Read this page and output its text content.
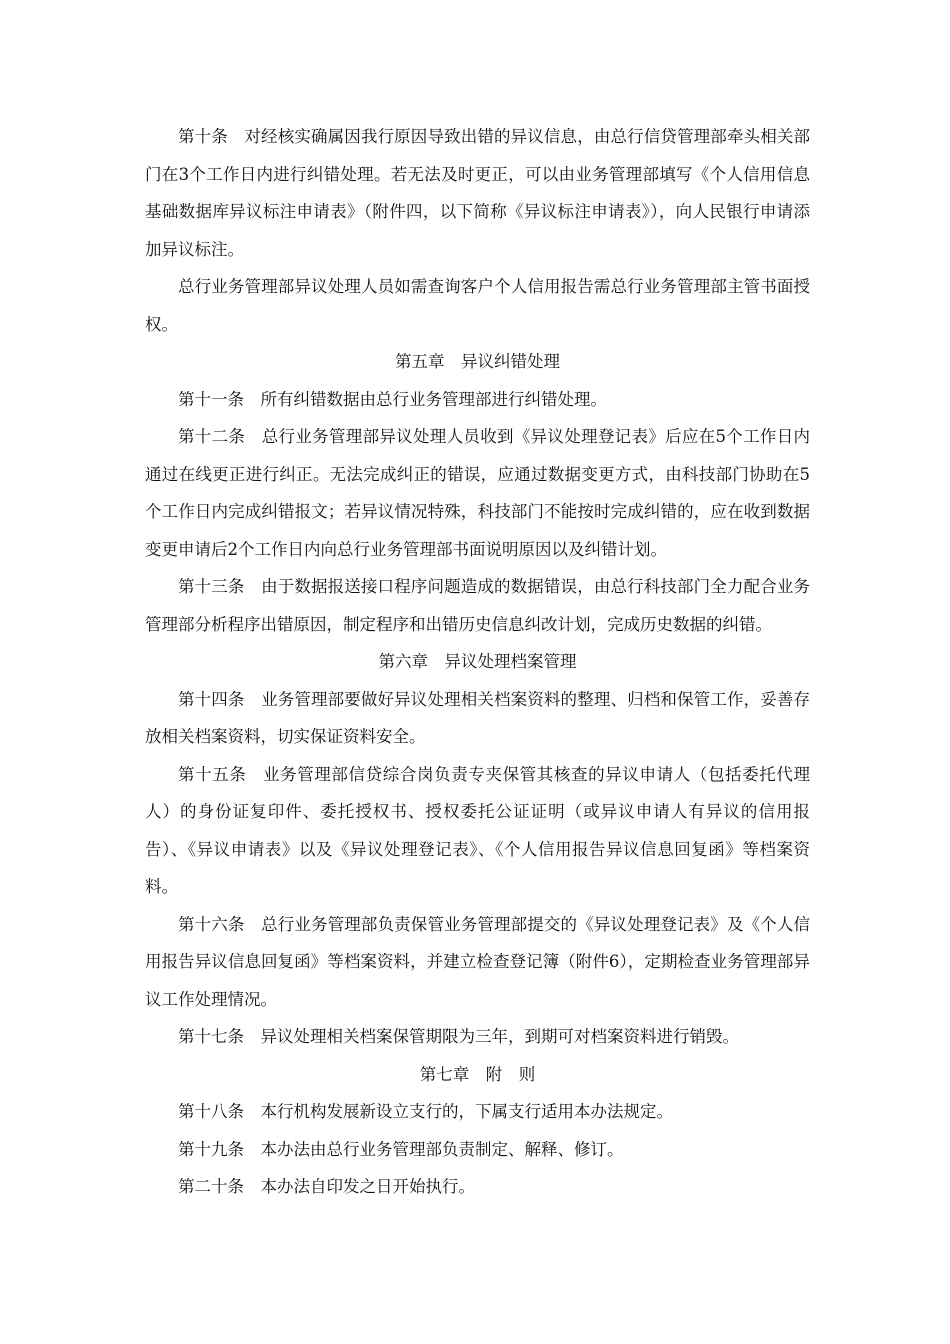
第十条 对经核实确属因我行原因导致出错的异议信息，由总行信贷管理部牵头相关部门在3个工作日内进行纠错处理。若无法及时更正，可以由业务管理部填写《个人信用信息基础数据库异议标注申请表》（附件四，以下简称《异议标注申请表》），向人民银行申请添加异议标注。

总行业务管理部异议处理人员如需查询客户个人信用报告需总行业务管理部主管书面授权。

第五章　异议纠错处理

第十一条 所有纠错数据由总行业务管理部进行纠错处理。

第十二条 总行业务管理部异议处理人员收到《异议处理登记表》后应在5个工作日内通过在线更正进行纠正。无法完成纠正的错误，应通过数据变更方式，由科技部门协助在5个工作日内完成纠错报文；若异议情况特殊，科技部门不能按时完成纠错的，应在收到数据变更申请后2个工作日内向总行业务管理部书面说明原因以及纠错计划。

第十三条 由于数据报送接口程序问题造成的数据错误，由总行科技部门全力配合业务管理部分析程序出错原因，制定程序和出错历史信息纠改计划，完成历史数据的纠错。

第六章　异议处理档案管理

第十四条 业务管理部要做好异议处理相关档案资料的整理、归档和保管工作，妥善存放相关档案资料，切实保证资料安全。

第十五条 业务管理部信贷综合岗负责专夹保管其核查的异议申请人（包括委托代理人）的身份证复印件、委托授权书、授权委托公证证明（或异议申请人有异议的信用报告）、《异议申请表》以及《异议处理登记表》、《个人信用报告异议信息回复函》等档案资料。

第十六条 总行业务管理部负责保管业务管理部提交的《异议处理登记表》及《个人信用报告异议信息回复函》等档案资料，并建立检查登记簿（附件6），定期检查业务管理部异议工作处理情况。

第十七条 异议处理相关档案保管期限为三年，到期可对档案资料进行销毁。

第七章　附　则

第十八条 本行机构发展新设立支行的，下属支行适用本办法规定。

第十九条 本办法由总行业务管理部负责制定、解释、修订。

第二十条 本办法自印发之日开始执行。
